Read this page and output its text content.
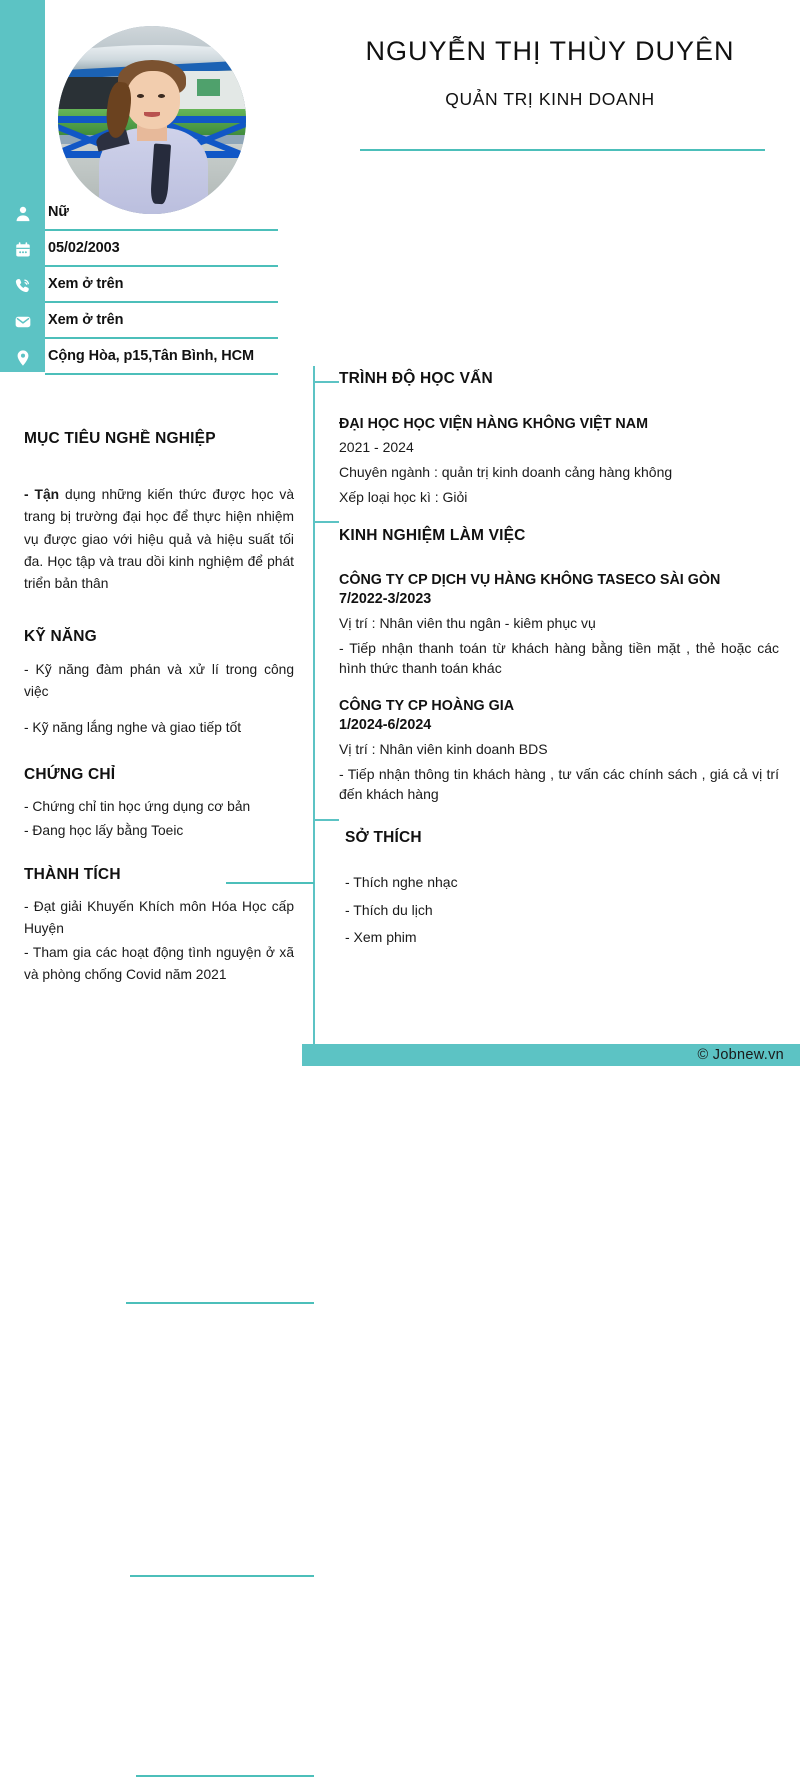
NGUYỄN THỊ THÙY DUYÊN
QUẢN TRỊ KINH DOANH
Nữ
05/02/2003
Xem ở trên
Xem ở trên
Cộng Hòa, p15,Tân Bình, HCM
MỤC TIÊU NGHỀ NGHIỆP

- Tận dụng những kiến thức được học và trang bị trường đại học để thực hiện nhiệm vụ được giao với hiệu quả và hiệu suất tối đa. Học tập và trau dồi kinh nghiệm để phát triển bản thân

KỸ NĂNG

- Kỹ năng đàm phán và xử lí trong công việc

- Kỹ năng lắng nghe và giao tiếp tốt

CHỨNG CHỈ

- Chứng chỉ tin học ứng dụng cơ bản

- Đang học lấy bằng Toeic

THÀNH TÍCH

- Đạt giải Khuyến Khích môn Hóa Học cấp Huyện

- Tham gia các hoạt động tình nguyện ở xã và phòng chống Covid năm 2021

TRÌNH ĐỘ HỌC VẤN

ĐẠI HỌC HỌC VIỆN HÀNG KHÔNG VIỆT NAM

2021 - 2024

Chuyên ngành : quản trị kinh doanh cảng hàng không

Xếp loại học kì : Giỏi

KINH NGHIỆM LÀM VIỆC

CÔNG TY CP DỊCH VỤ HÀNG KHÔNG TASECO SÀI GÒN

7/2022-3/2023

Vị trí : Nhân viên thu ngân - kiêm phục vụ

- Tiếp nhận thanh toán từ khách hàng bằng tiền mặt , thẻ hoặc các hình thức thanh toán khác

CÔNG TY CP HOÀNG GIA

1/2024-6/2024

Vị trí : Nhân viên kinh doanh BDS

- Tiếp nhận thông tin khách hàng , tư vấn các chính sách , giá cả vị trí đến khách hàng

SỞ THÍCH

- Thích nghe nhạc

- Thích du lịch

- Xem phim

© Jobnew.vn
